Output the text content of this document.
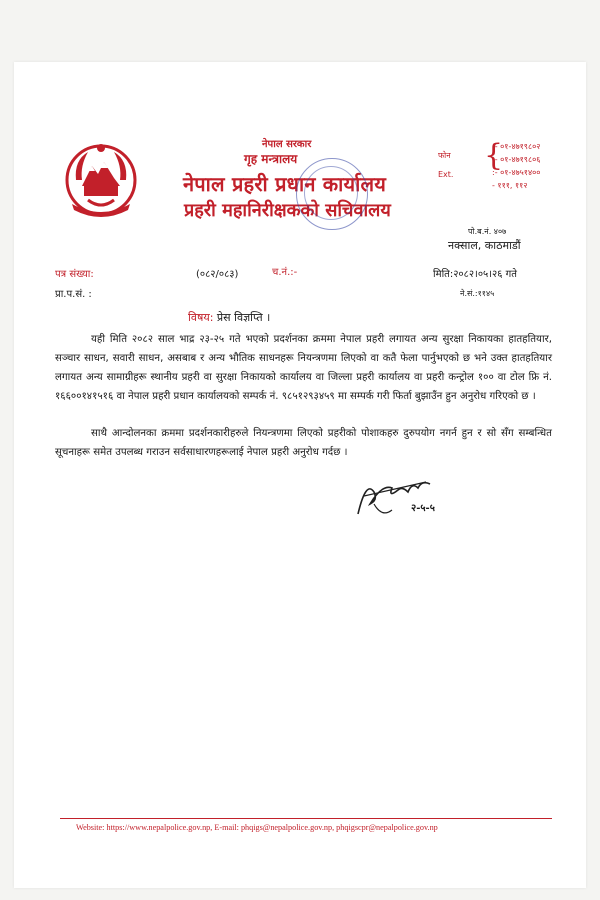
नेपाल सरकार
गृह मन्त्रालय
नेपाल प्रहरी प्रधान कार्यालय
प्रहरी महानिरीक्षकको सचिवालय
फोन
Ext.
{
:- ०१-४७१९८०२
:- ०१-४७१९८०६
:- ०१-४७५१४००
- १११, ११२
पो.ब.नं. ४०७
नक्साल, काठमाडौं
पत्र संख्या:	(०८२/०८३)	च.नं.:-	मिति:२०८२।०५।२६ गते
प्रा.प.सं. :	ने.सं.:११४५
विषय: प्रेस विज्ञप्ति ।
यही मिति २०८२ साल भाद्र २३-२५ गते भएको प्रदर्शनका क्रममा नेपाल प्रहरी लगायत अन्य सुरक्षा निकायका हातहतियार, सञ्चार साधन, सवारी साधन, असबाब र अन्य भौतिक साधनहरू नियन्त्रणमा लिएको वा कतै फेला पार्नुभएको छ भने उक्त हातहतियार लगायत अन्य सामाग्रीहरू स्थानीय प्रहरी वा सुरक्षा निकायको कार्यालय वा जिल्ला प्रहरी कार्यालय वा प्रहरी कन्ट्रोल १०० वा टोल फ्रि नं. १६६००१४१५१६ वा नेपाल प्रहरी प्रधान कार्यालयको सम्पर्क नं. ९८५१२९३४५९ मा सम्पर्क गरी फिर्ता बुझाउँन हुन अनुरोध गरिएको छ ।
साथै आन्दोलनका क्रममा प्रदर्शनकारीहरुले नियन्त्रणमा लिएको प्रहरीको पोशाकहरु दुरुपयोग नगर्न हुन र सो सँग सम्बन्धित सूचनाहरू समेत उपलब्ध गराउन सर्वसाधारणहरूलाई नेपाल प्रहरी अनुरोध गर्दछ ।
२-५-५
Website: https://www.nepalpolice.gov.np, E-mail: phqigs@nepalpolice.gov.np, phqigscpr@nepalpolice.gov.np
